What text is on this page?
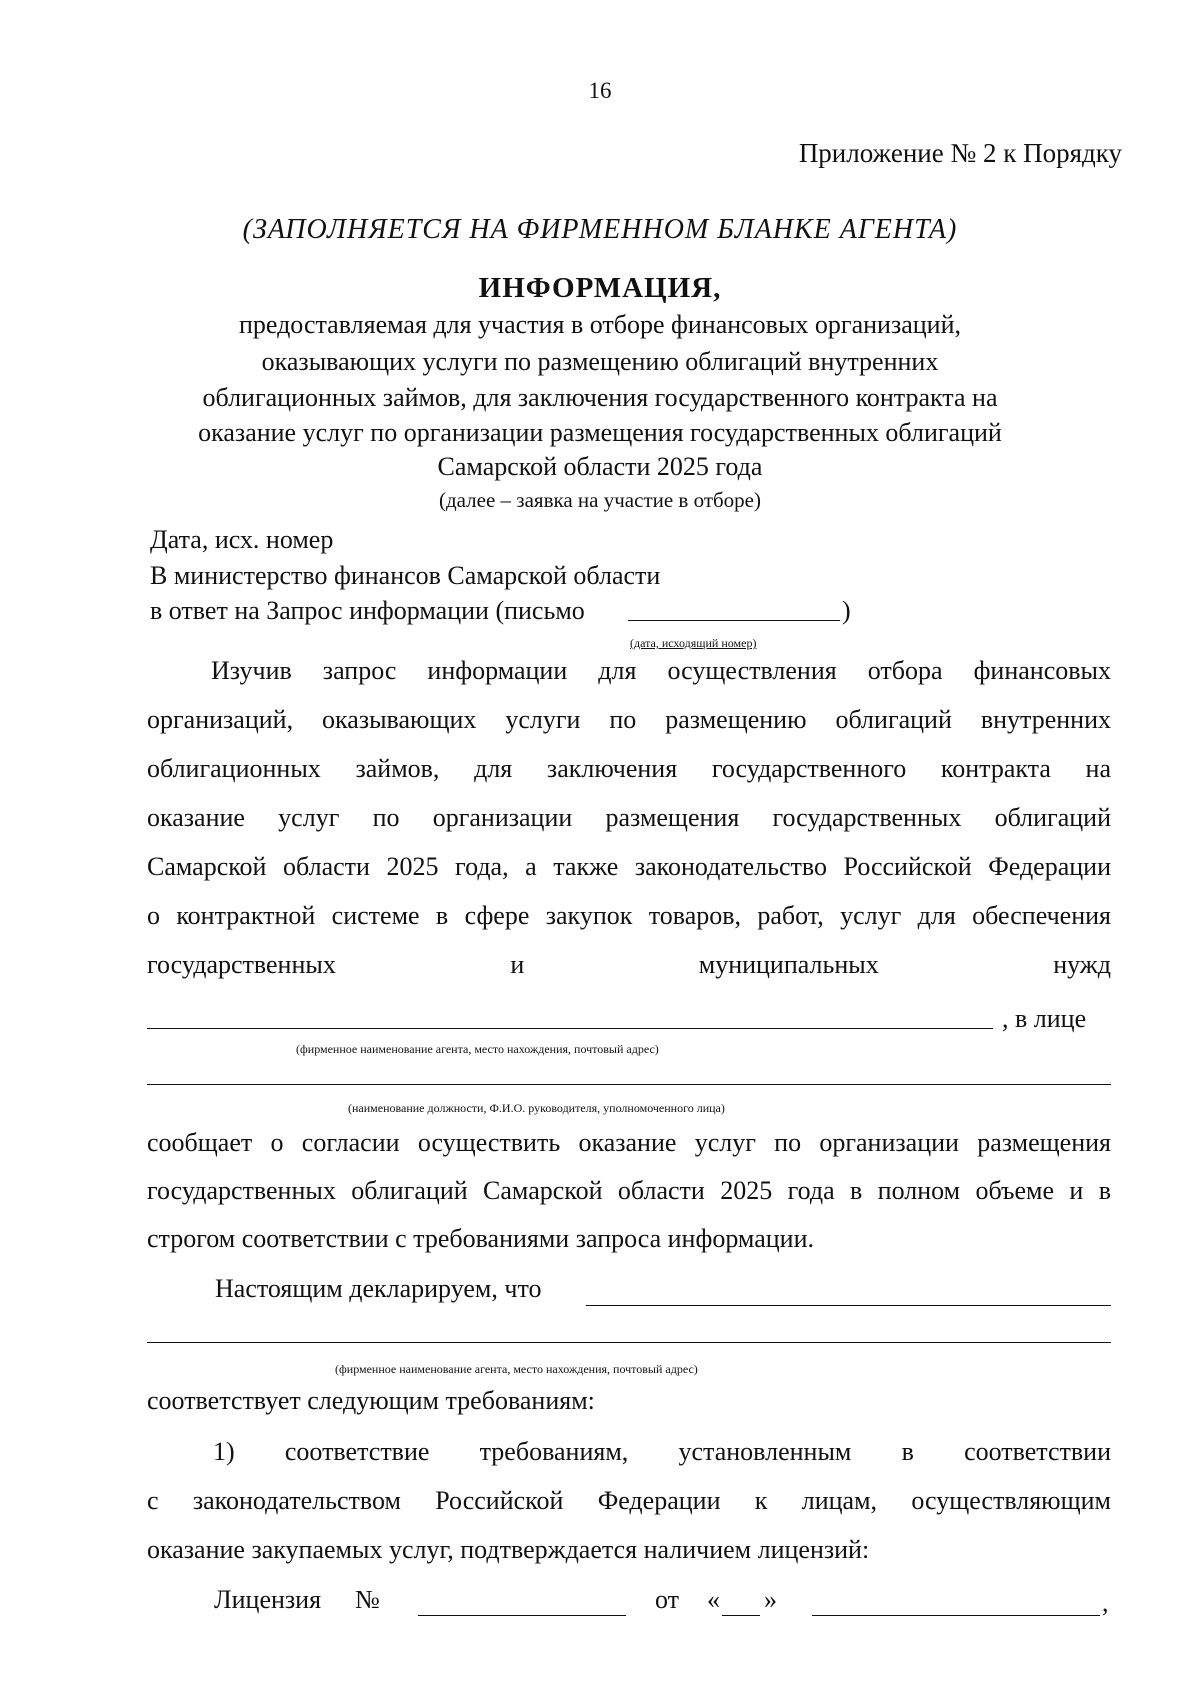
16
Приложение № 2 к Порядку
(ЗАПОЛНЯЕТСЯ НА ФИРМЕННОМ БЛАНКЕ АГЕНТА)
ИНФОРМАЦИЯ,
предоставляемая для участия в отборе финансовых организаций,
оказывающих услуги по размещению облигаций внутренних
облигационных займов, для заключения государственного контракта на
оказание услуг по организации размещения государственных облигаций
Самарской области 2025 года
(далее – заявка на участие в отборе)
Дата, исх. номер
В министерство финансов Самарской области
в ответ на Запрос информации (письмо	)
(дата, исходящий номер)
Изучив запрос информации для осуществления отбора финансовых
организаций, оказывающих услуги по размещению облигаций внутренних
облигационных займов, для заключения государственного контракта на
оказание услуг по организации размещения государственных облигаций
Самарской области 2025 года, а также законодательство Российской Федерации
о контрактной системе в сфере закупок товаров, работ, услуг для обеспечения
государственных и муниципальных нужд
, в лице
(фирменное наименование агента, место нахождения, почтовый адрес)
(наименование должности, Ф.И.О. руководителя, уполномоченного лица)
сообщает о согласии осуществить оказание услуг по организации размещения
государственных облигаций Самарской области 2025 года в полном объеме и в
строгом соответствии с требованиями запроса информации.
Настоящим декларируем, что
(фирменное наименование агента, место нахождения, почтовый адрес)
соответствует следующим требованиям:
1) соответствие требованиям, установленным в соответствии
с законодательством Российской Федерации к лицам, осуществляющим
оказание закупаемых услуг, подтверждается наличием лицензий:
Лицензия №	от « »	,
